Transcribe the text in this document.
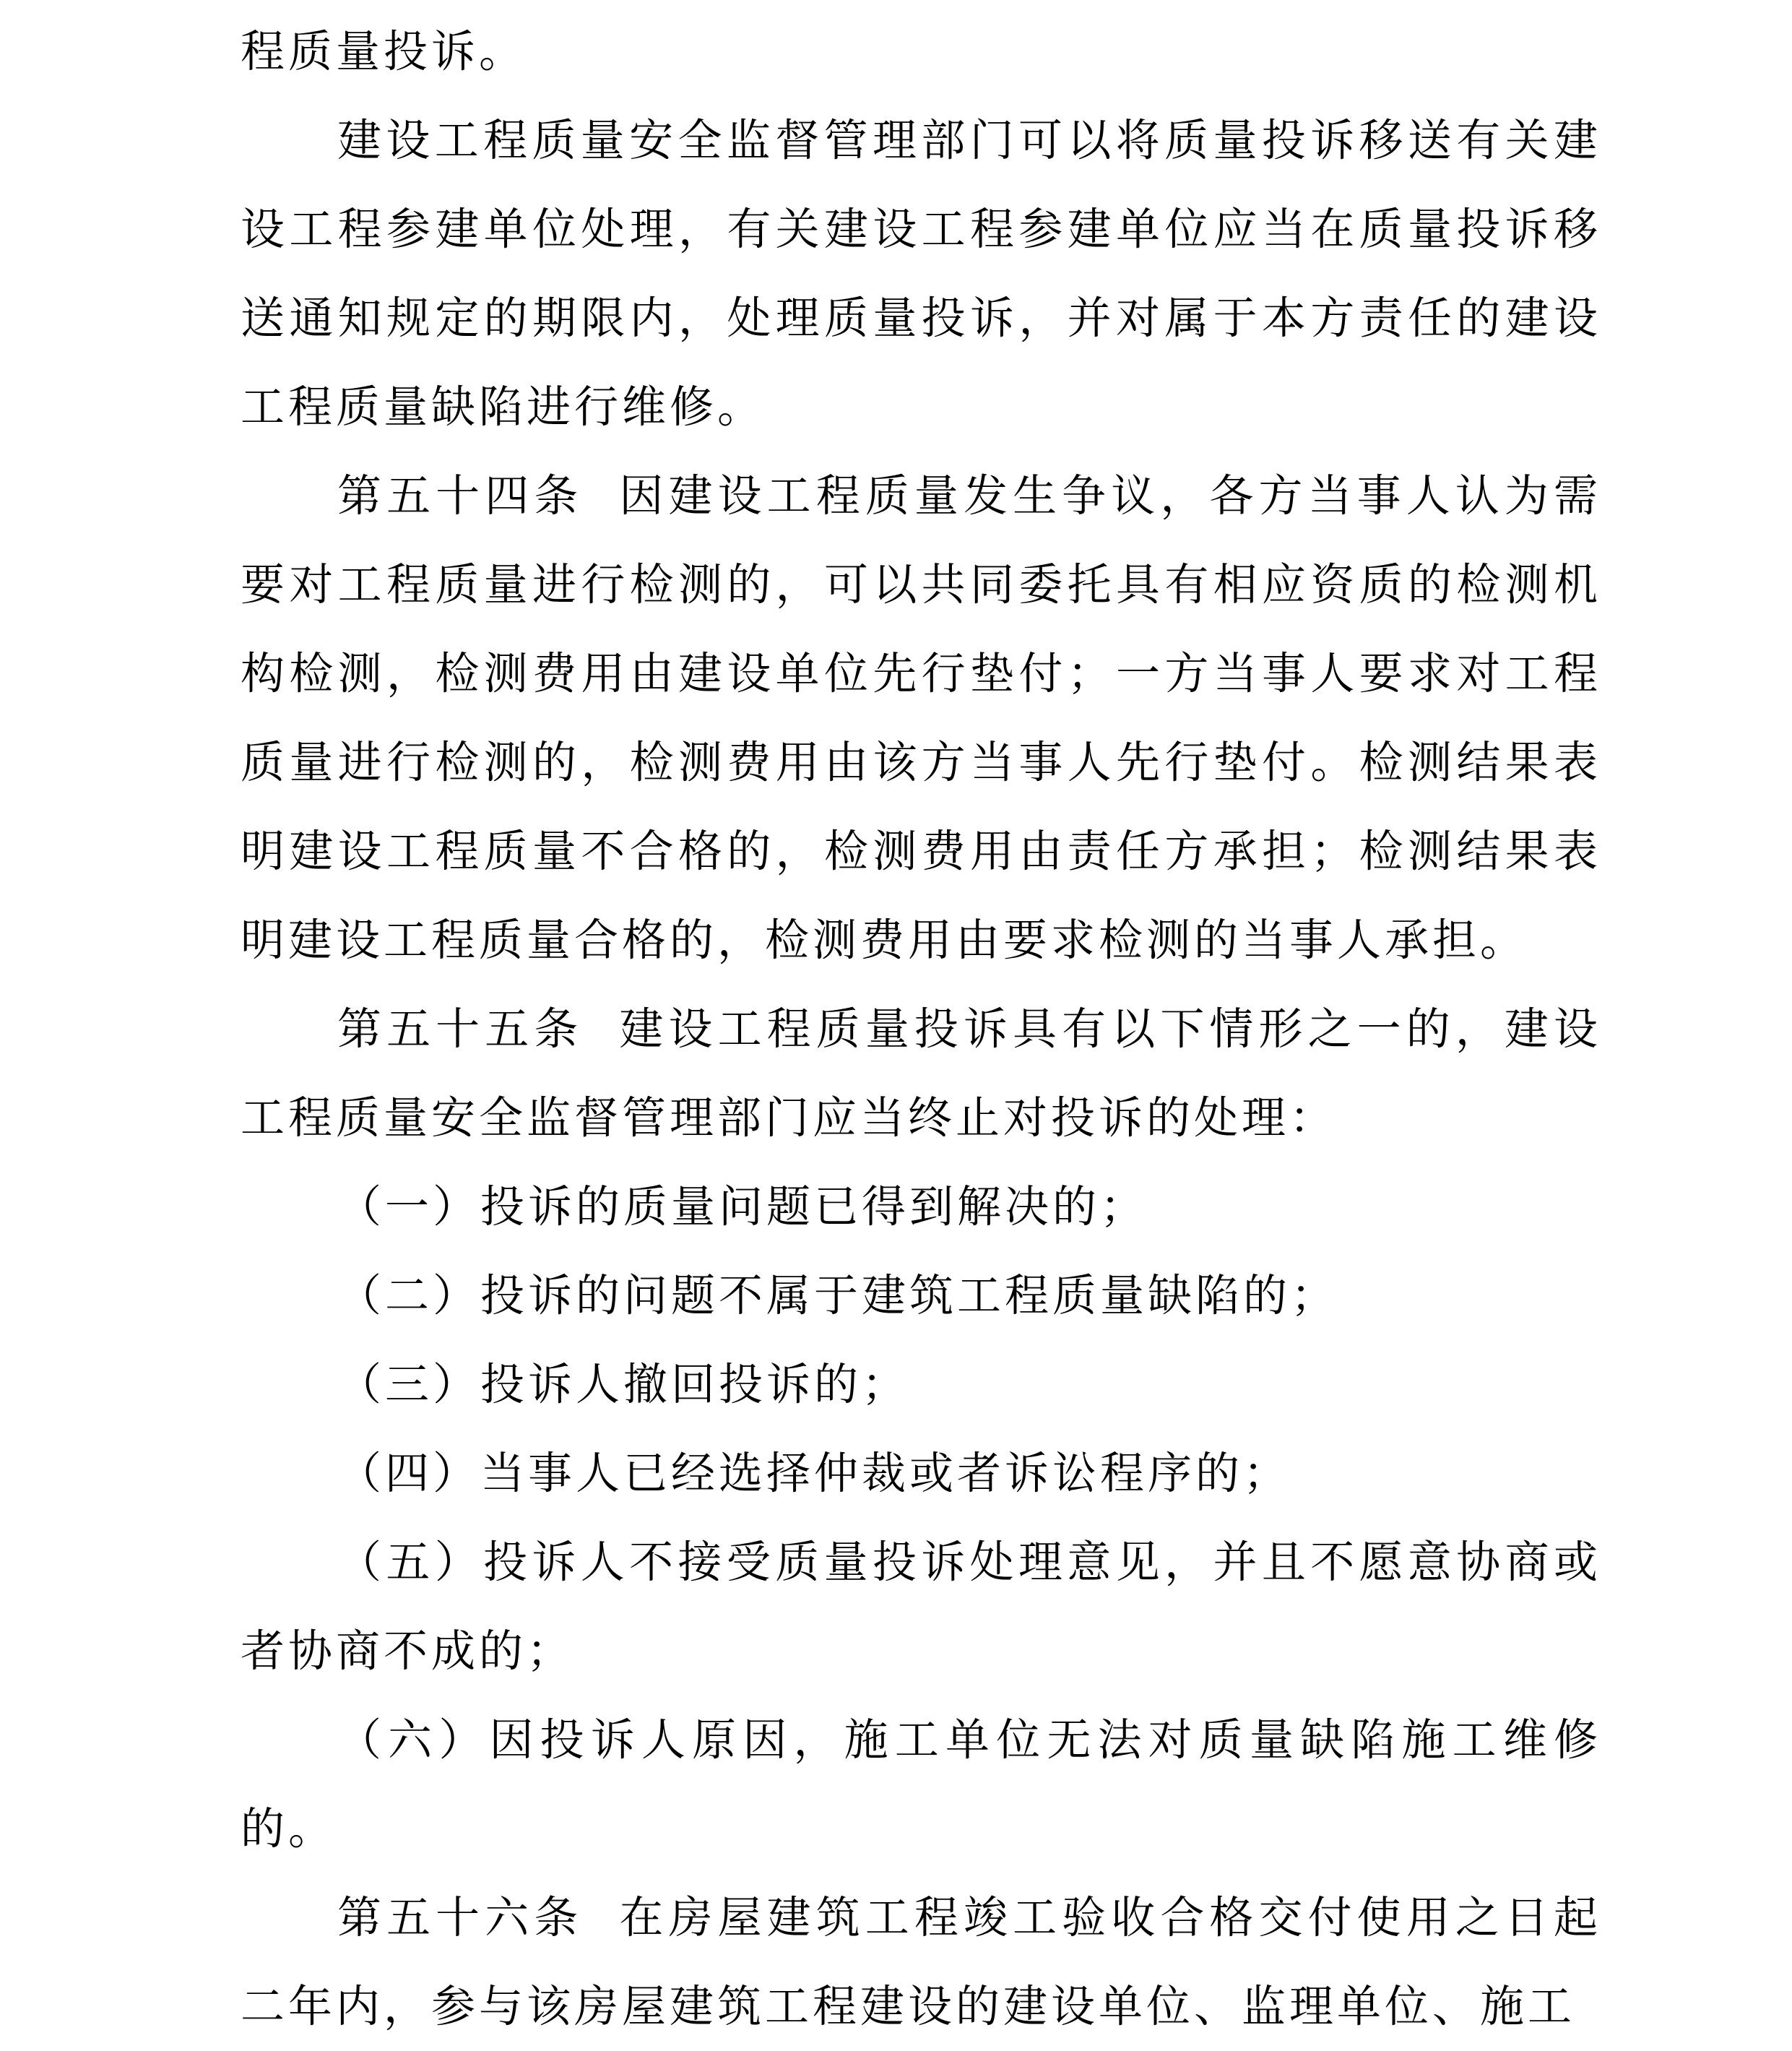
程质量投诉。

建设工程质量安全监督管理部门可以将质量投诉移送有关建设工程参建单位处理，有关建设工程参建单位应当在质量投诉移送通知规定的期限内，处理质量投诉，并对属于本方责任的建设工程质量缺陷进行维修。

第五十四条 因建设工程质量发生争议，各方当事人认为需要对工程质量进行检测的，可以共同委托具有相应资质的检测机构检测，检测费用由建设单位先行垫付；一方当事人要求对工程质量进行检测的，检测费用由该方当事人先行垫付。检测结果表明建设工程质量不合格的，检测费用由责任方承担；检测结果表明建设工程质量合格的，检测费用由要求检测的当事人承担。

第五十五条 建设工程质量投诉具有以下情形之一的，建设工程质量安全监督管理部门应当终止对投诉的处理：

（一）投诉的质量问题已得到解决的；

（二）投诉的问题不属于建筑工程质量缺陷的；

（三）投诉人撤回投诉的；

（四）当事人已经选择仲裁或者诉讼程序的；

（五）投诉人不接受质量投诉处理意见，并且不愿意协商或者协商不成的；

（六）因投诉人原因，施工单位无法对质量缺陷施工维修的。

第五十六条 在房屋建筑工程竣工验收合格交付使用之日起二年内，参与该房屋建筑工程建设的建设单位、监理单位、施工
